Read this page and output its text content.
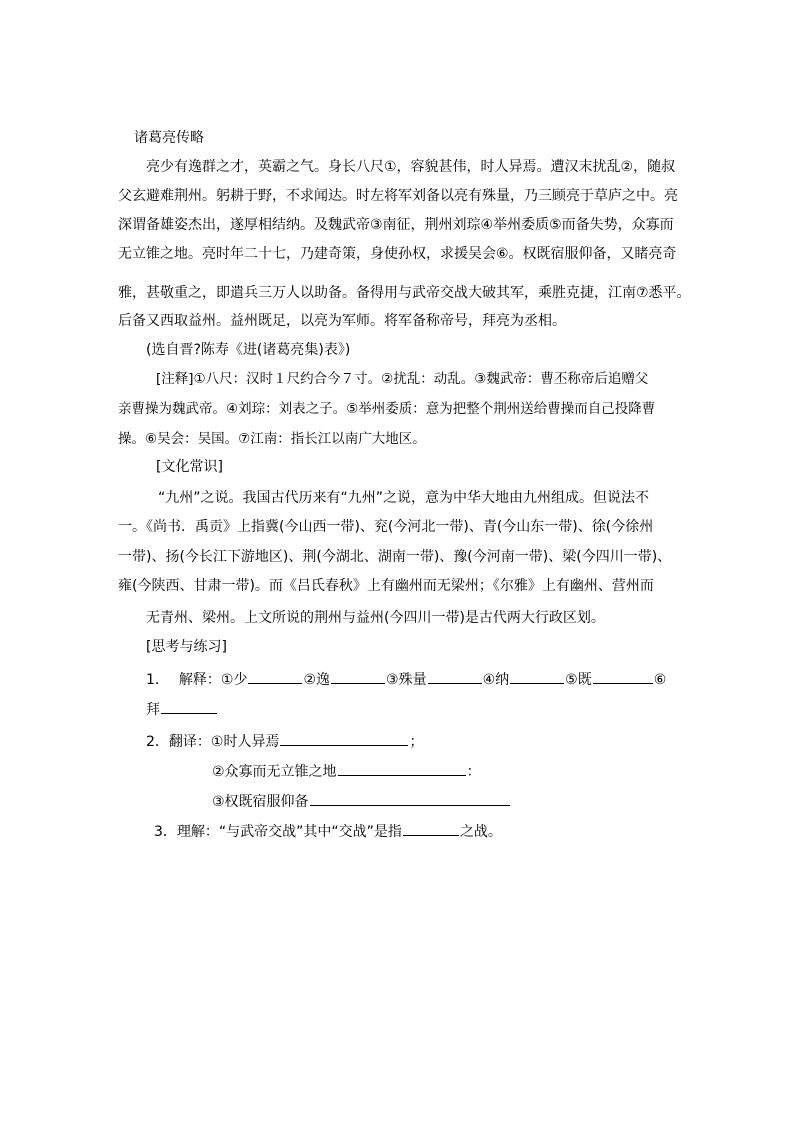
诸葛亮传略
亮少有逸群之才，英霸之气。身长八尺①，容貌甚伟，时人异焉。遭汉末扰乱②，随叔
父玄避难荆州。躬耕于野，不求闻达。时左将军刘备以亮有殊量，乃三顾亮于草庐之中。亮
深谓备雄姿杰出，遂厚相结纳。及魏武帝③南征，荆州刘琮④举州委质⑤而备失势，众寡而
无立锥之地。亮时年二十七，乃建奇策，身使孙权，求援吴会⑥。权既宿服仰备，又睹亮奇
雅，甚敬重之，即遣兵三万人以助备。备得用与武帝交战大破其军，乘胜克捷，江南⑦悉平。
后备又西取益州。益州既足，以亮为军师。将军备称帝号，拜亮为丞相。
(选自晋?陈寿《进(诸葛亮集)表》)
[注释]①八尺：汉时１尺约合今７寸。②扰乱：动乱。③魏武帝：曹丕称帝后追赠父
亲曹操为魏武帝。④刘琮：刘表之子。⑤举州委质：意为把整个荆州送给曹操而自己投降曹
操。⑥吴会：吴国。⑦江南：指长江以南广大地区。
[文化常识]
“九州”之说。我国古代历来有“九州”之说，意为中华大地由九州组成。但说法不
一。《尚书．禹贡》上指冀(今山西一带)、兖(今河北一带)、青(今山东一带)、徐(今徐州
一带)、扬(今长江下游地区)、荆(今湖北、湖南一带)、豫(今河南一带)、梁(今四川一带)、
雍(今陕西、甘肃一带)。而《吕氏春秋》上有幽州而无梁州；《尔雅》上有幽州、营州而
无青州、梁州。上文所说的荆州与益州(今四川一带)是古代两大行政区划。
[思考与练习]
1． 解释：①少	②逸	③殊量	④纳	⑤既	⑥
拜
2．翻译：①时人异焉	；
②众寡而无立锥之地	：
③权既宿服仰备
3．理解：“与武帝交战”其中“交战”是指	之战。
